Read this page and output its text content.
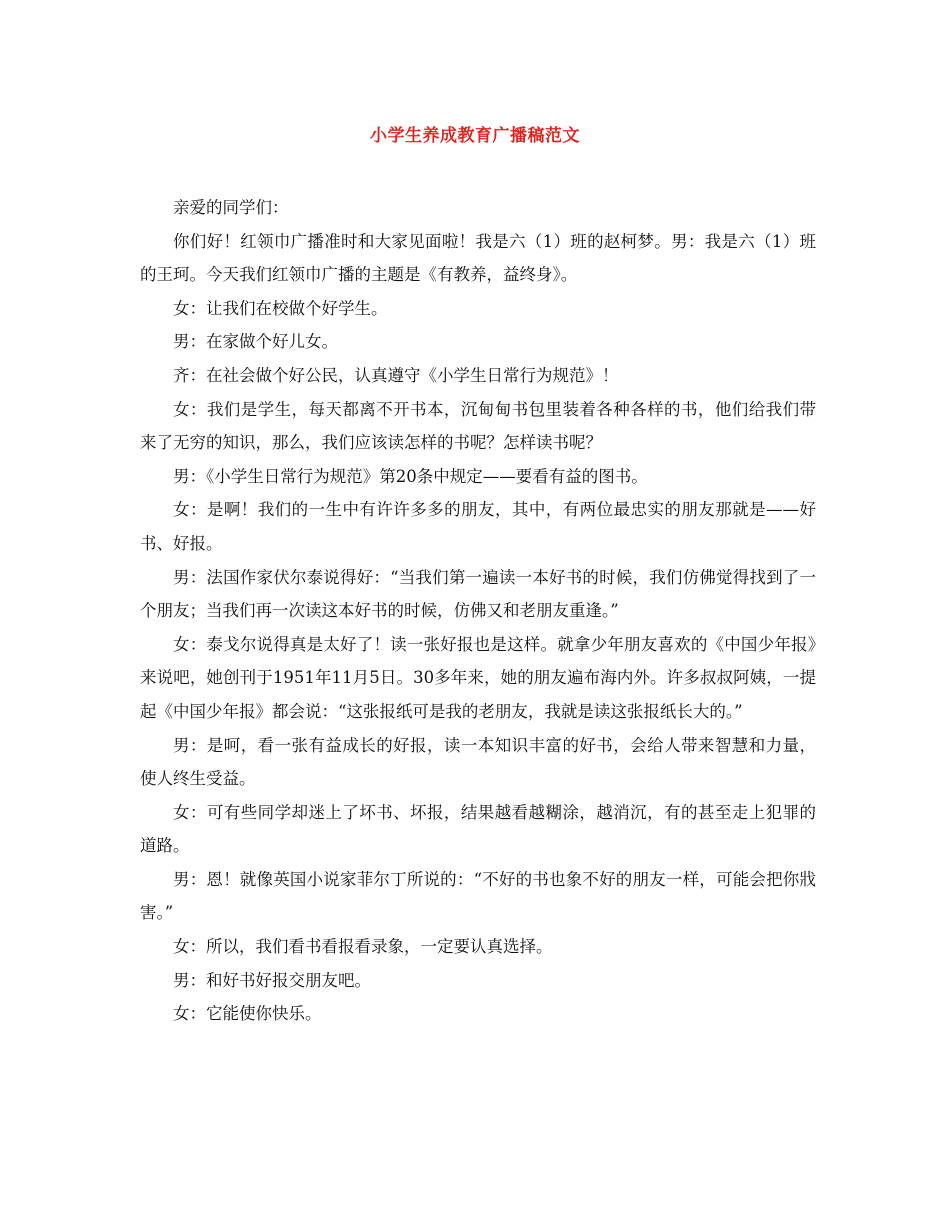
小学生养成教育广播稿范文

亲爱的同学们：

你们好！红领巾广播准时和大家见面啦！我是六（1）班的赵柯梦。男：我是六（1）班的王珂。今天我们红领巾广播的主题是《有教养，益终身》。

女：让我们在校做个好学生。

男：在家做个好儿女。

齐：在社会做个好公民，认真遵守《小学生日常行为规范》！

女：我们是学生，每天都离不开书本，沉甸甸书包里装着各种各样的书，他们给我们带来了无穷的知识，那么，我们应该读怎样的书呢？怎样读书呢？

男：《小学生日常行为规范》第20条中规定——要看有益的图书。

女：是啊！我们的一生中有许许多多的朋友，其中，有两位最忠实的朋友那就是——好书、好报。

男：法国作家伏尔泰说得好：“当我们第一遍读一本好书的时候，我们仿佛觉得找到了一个朋友；当我们再一次读这本好书的时候，仿佛又和老朋友重逢。”

女：泰戈尔说得真是太好了！读一张好报也是这样。就拿少年朋友喜欢的《中国少年报》来说吧，她创刊于1951年11月5日。30多年来，她的朋友遍布海内外。许多叔叔阿姨，一提起《中国少年报》都会说：“这张报纸可是我的老朋友，我就是读这张报纸长大的。”

男：是呵，看一张有益成长的好报，读一本知识丰富的好书，会给人带来智慧和力量，使人终生受益。

女：可有些同学却迷上了坏书、坏报，结果越看越糊涂，越消沉，有的甚至走上犯罪的道路。

男：恩！就像英国小说家菲尔丁所说的：“不好的书也象不好的朋友一样，可能会把你戕害。”

女：所以，我们看书看报看录象，一定要认真选择。

男：和好书好报交朋友吧。

女：它能使你快乐。
